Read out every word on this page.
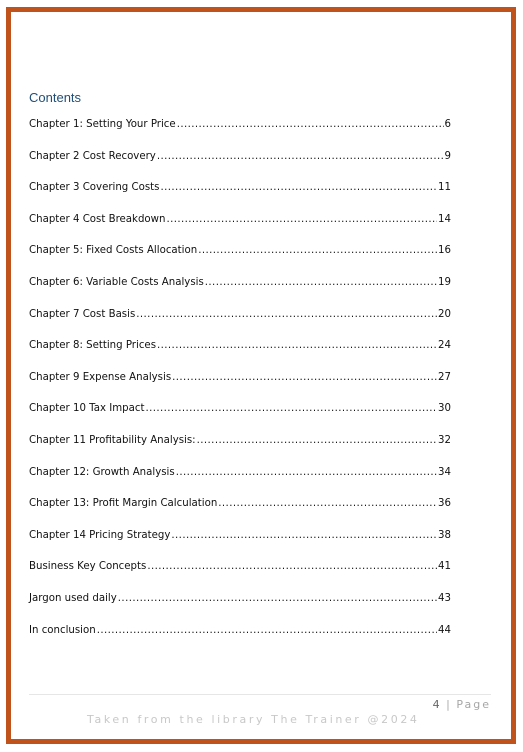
Contents
Chapter 1: Setting Your Price .....	6
Chapter 2 Cost Recovery .....	9
Chapter 3 Covering Costs .....	11
Chapter 4 Cost Breakdown .....	14
Chapter 5: Fixed Costs Allocation .....	16
Chapter 6: Variable Costs Analysis .....	19
Chapter 7 Cost Basis .....	20
Chapter 8: Setting Prices .....	24
Chapter 9 Expense Analysis .....	27
Chapter 10 Tax Impact .....	30
Chapter 11 Profitability Analysis: .....	32
Chapter 12: Growth Analysis .....	34
Chapter 13: Profit Margin Calculation .....	36
Chapter 14 Pricing Strategy .....	38
Business Key Concepts .....	41
Jargon used daily .....	43
In conclusion .....	44
4 | Page
Taken from the library The Trainer @2024
